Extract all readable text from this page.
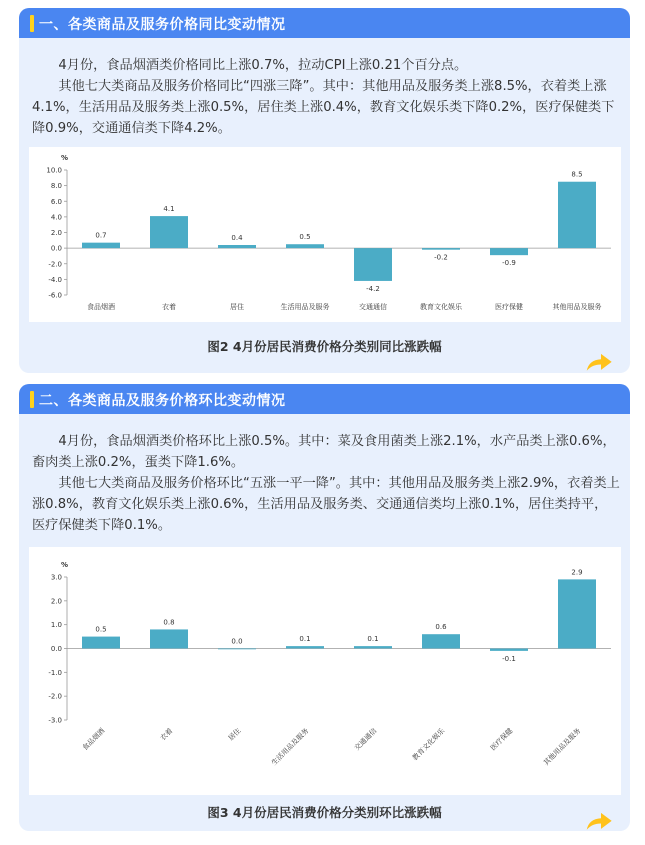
一、各类商品及服务价格同比变动情况

4月份，食品烟酒类价格同比上涨0.7%，拉动CPI上涨0.21个百分点。

其他七大类商品及服务价格同比“四涨三降”。其中：其他用品及服务类上涨8.5%，衣着类上涨4.1%，生活用品及服务类上涨0.5%，居住类上涨0.4%，教育文化娱乐类下降0.2%，医疗保健类下降0.9%，交通通信类下降4.2%。

%
10.0
8.0
6.0
4.0
2.0
0.0
-2.0
-4.0
-6.0
0.7
食品烟酒
4.1
衣着
0.4
居住
0.5
生活用品及服务
-4.2
交通通信
-0.2
教育文化娱乐
-0.9
医疗保健
8.5
其他用品及服务
图2 4月份居民消费价格分类别同比涨跌幅
二、各类商品及服务价格环比变动情况

4月份，食品烟酒类价格环比上涨0.5%。其中：菜及食用菌类上涨2.1%，水产品类上涨0.6%，畜肉类上涨0.2%，蛋类下降1.6%。

其他七大类商品及服务价格环比“五涨一平一降”。其中：其他用品及服务类上涨2.9%，衣着类上涨0.8%，教育文化娱乐类上涨0.6%，生活用品及服务类、交通通信类均上涨0.1%，居住类持平，医疗保健类下降0.1%。

%
3.0
2.0
1.0
0.0
-1.0
-2.0
-3.0
0.5
食品烟酒
0.8
衣着
0.0
居住
0.1
生活用品及服务
0.1
交通通信
0.6
教育文化娱乐
-0.1
医疗保健
2.9
其他用品及服务
图3 4月份居民消费价格分类别环比涨跌幅
